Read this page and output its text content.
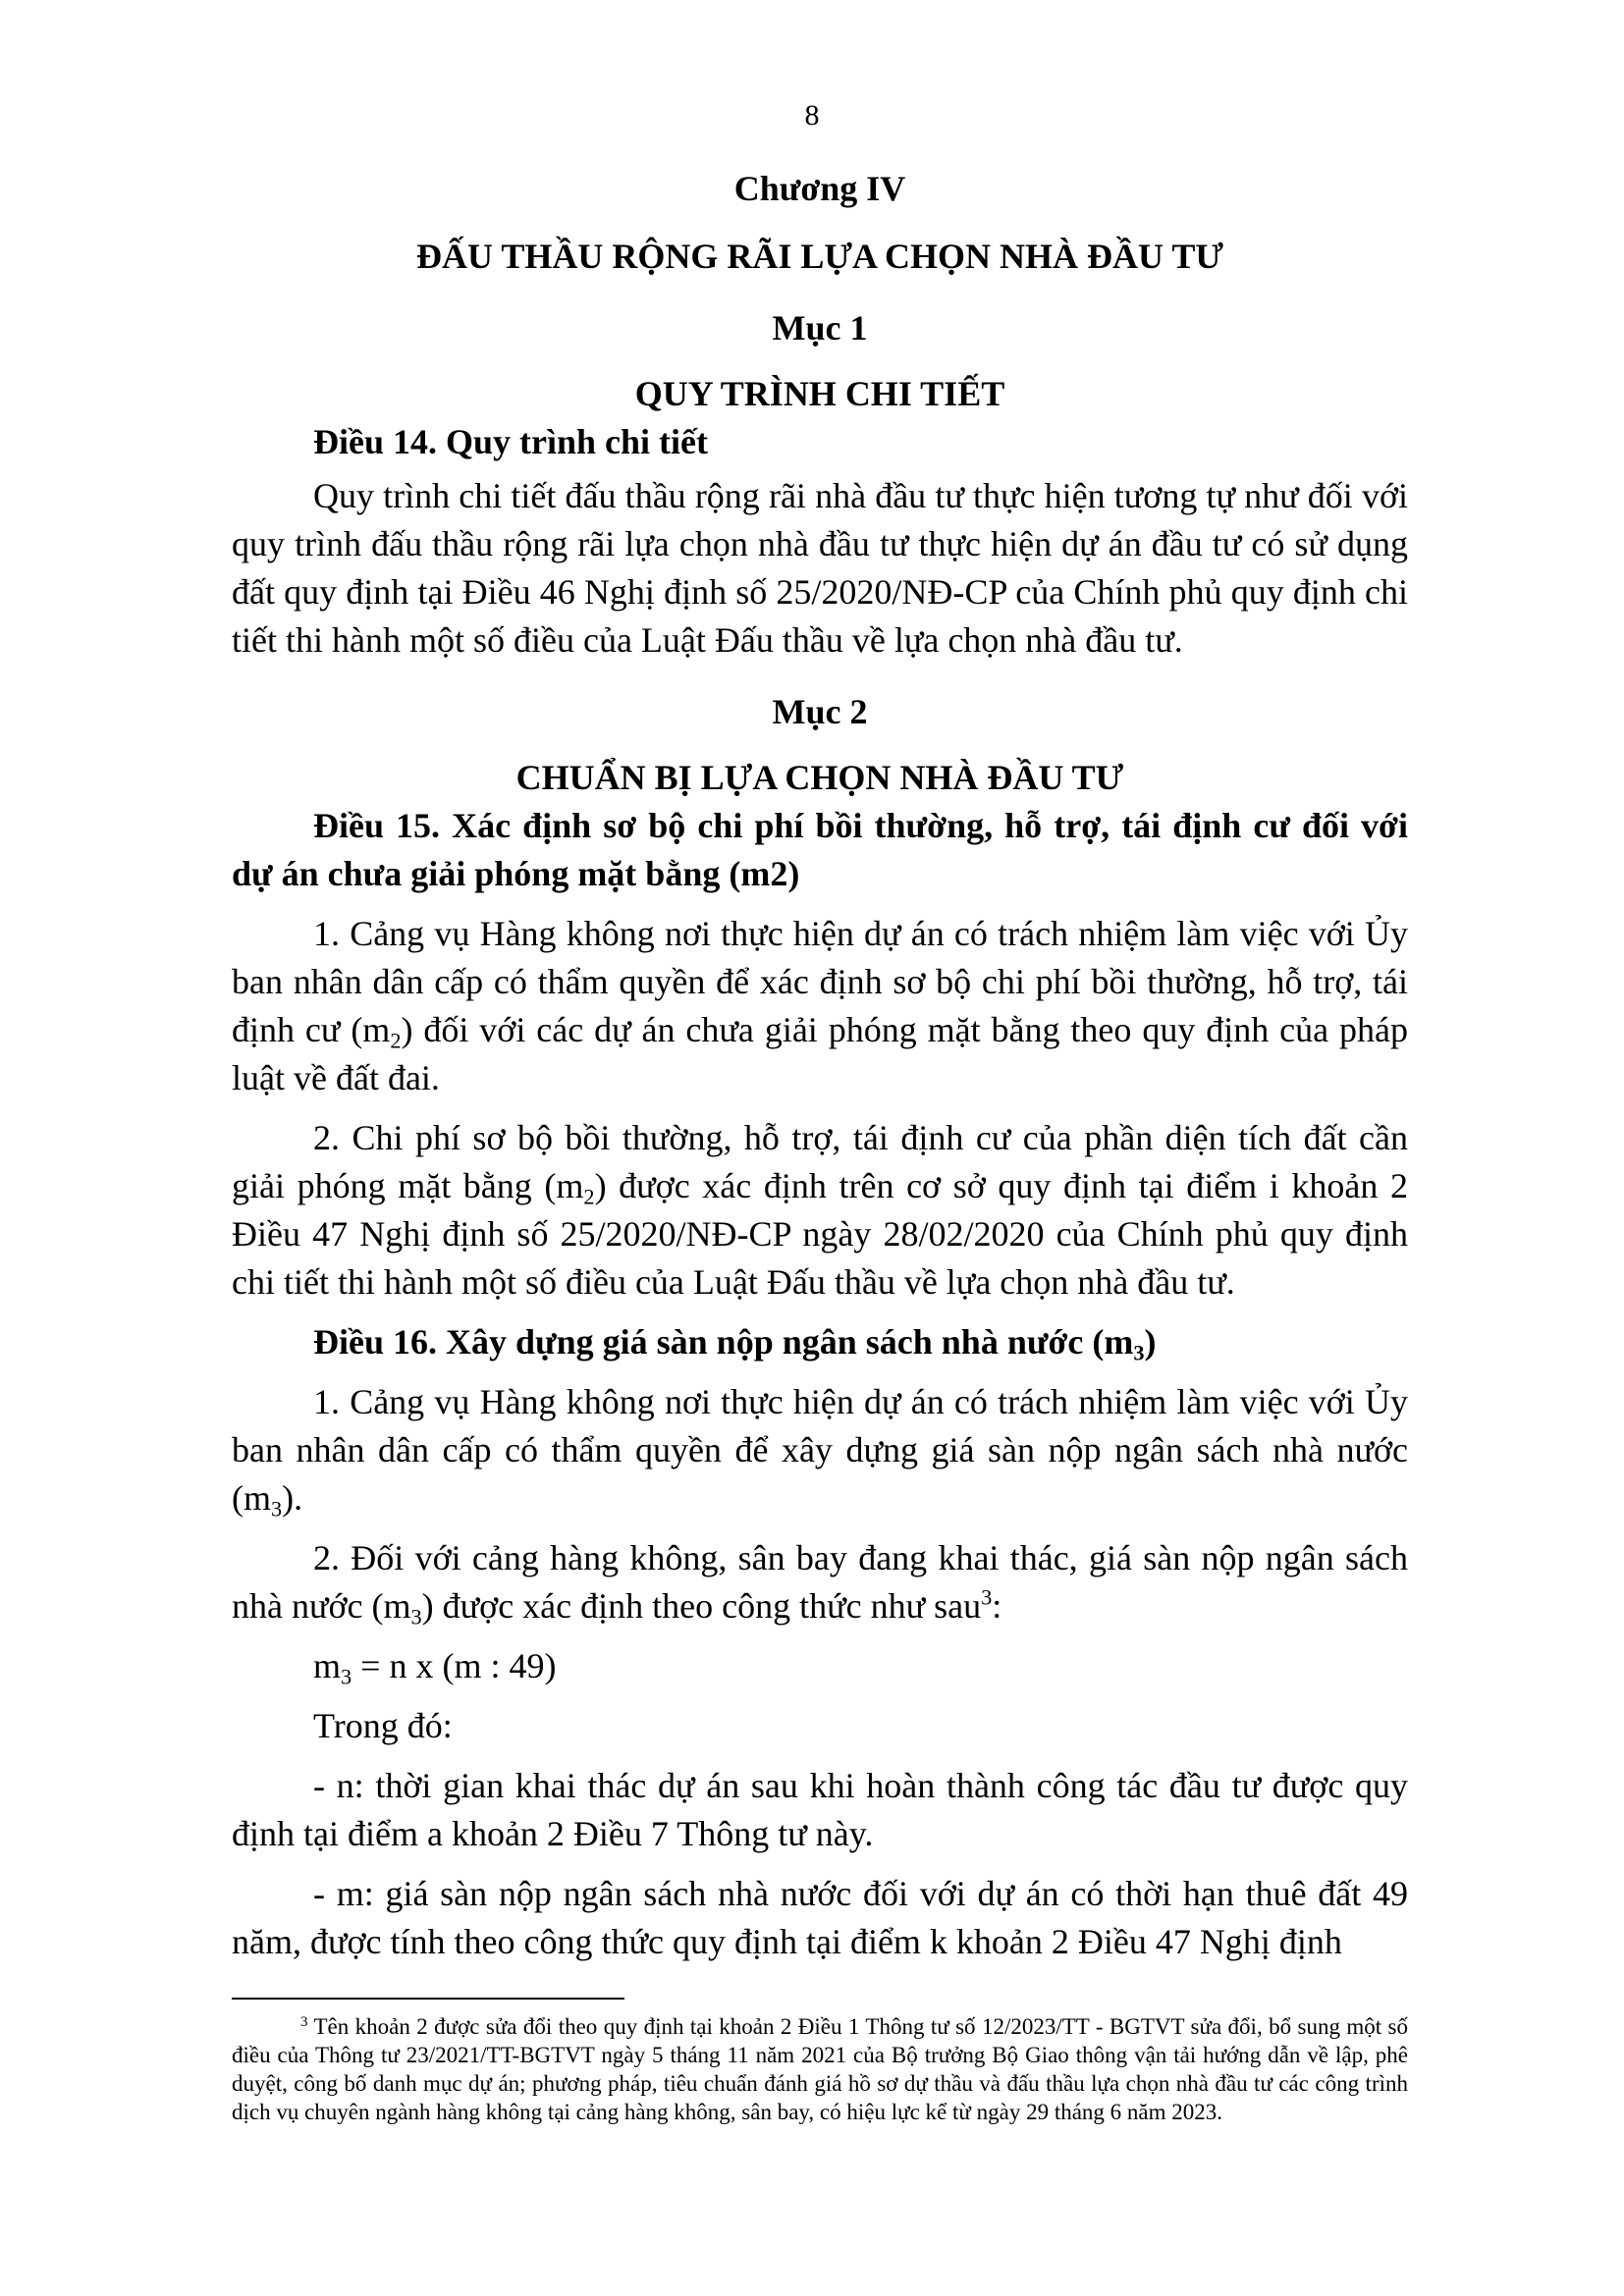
8

Chương IV

ĐẤU THẦU RỘNG RÃI LỰA CHỌN NHÀ ĐẦU TƯ

Mục 1

QUY TRÌNH CHI TIẾT

Điều 14. Quy trình chi tiết

Quy trình chi tiết đấu thầu rộng rãi nhà đầu tư thực hiện tương tự như đối với quy trình đấu thầu rộng rãi lựa chọn nhà đầu tư thực hiện dự án đầu tư có sử dụng đất quy định tại Điều 46 Nghị định số 25/2020/NĐ-CP của Chính phủ quy định chi tiết thi hành một số điều của Luật Đấu thầu về lựa chọn nhà đầu tư.

Mục 2

CHUẨN BỊ LỰA CHỌN NHÀ ĐẦU TƯ

Điều 15. Xác định sơ bộ chi phí bồi thường, hỗ trợ, tái định cư đối với dự án chưa giải phóng mặt bằng (m2)

1. Cảng vụ Hàng không nơi thực hiện dự án có trách nhiệm làm việc với Ủy ban nhân dân cấp có thẩm quyền để xác định sơ bộ chi phí bồi thường, hỗ trợ, tái định cư $(m_2)$ đối với các dự án chưa giải phóng mặt bằng theo quy định của pháp luật về đất đai.

2. Chi phí sơ bộ bồi thường, hỗ trợ, tái định cư của phần diện tích đất cần giải phóng mặt bằng $(m_2)$ được xác định trên cơ sở quy định tại điểm i khoản 2 Điều 47 Nghị định số 25/2020/NĐ-CP ngày 28/02/2020 của Chính phủ quy định chi tiết thi hành một số điều của Luật Đấu thầu về lựa chọn nhà đầu tư.

Điều 16. Xây dựng giá sàn nộp ngân sách nhà nước $(m_3)$

1. Cảng vụ Hàng không nơi thực hiện dự án có trách nhiệm làm việc với Ủy ban nhân dân cấp có thẩm quyền để xây dựng giá sàn nộp ngân sách nhà nước $(m_3)$.

2. Đối với cảng hàng không, sân bay đang khai thác, giá sàn nộp ngân sách nhà nước $(m_3)$ được xác định theo công thức như sau$^3$:

$m_3 = n$ x (m : 49)

Trong đó:

- n: thời gian khai thác dự án sau khi hoàn thành công tác đầu tư được quy định tại điểm a khoản 2 Điều 7 Thông tư này.

- m: giá sàn nộp ngân sách nhà nước đối với dự án có thời hạn thuê đất 49 năm, được tính theo công thức quy định tại điểm k khoản 2 Điều 47 Nghị định

$^3$ Tên khoản 2 được sửa đổi theo quy định tại khoản 2 Điều 1 Thông tư số 12/2023/TT - BGTVT sửa đổi, bổ sung một số điều của Thông tư 23/2021/TT-BGTVT ngày 5 tháng 11 năm 2021 của Bộ trưởng Bộ Giao thông vận tải hướng dẫn về lập, phê duyệt, công bố danh mục dự án; phương pháp, tiêu chuẩn đánh giá hồ sơ dự thầu và đấu thầu lựa chọn nhà đầu tư các công trình dịch vụ chuyên ngành hàng không tại cảng hàng không, sân bay, có hiệu lực kể từ ngày 29 tháng 6 năm 2023.
